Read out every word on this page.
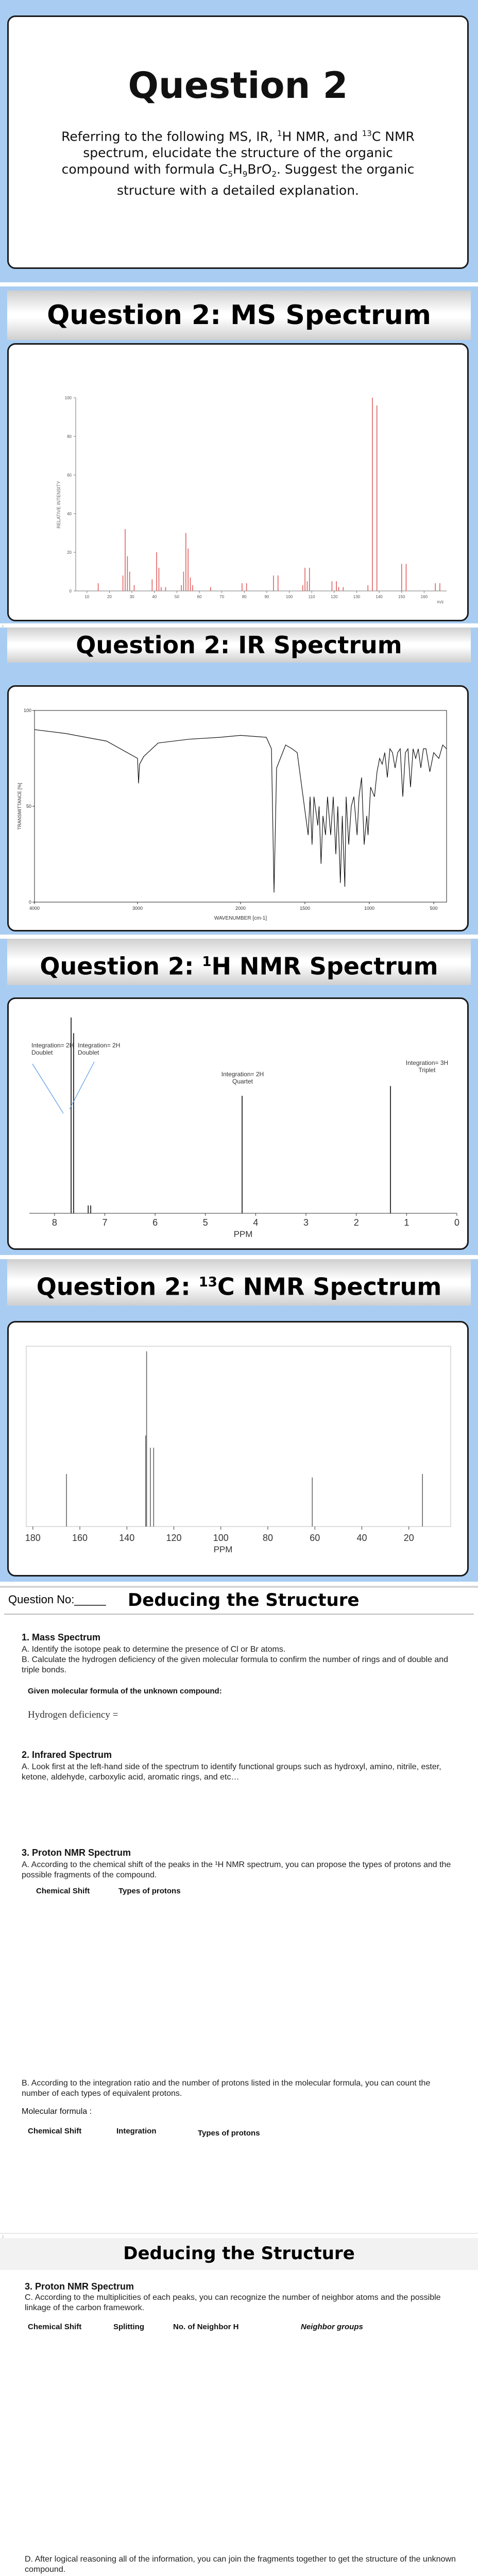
Question 2
Referring to the following MS, IR, $^1$H NMR, and $^{13}$C NMR spectrum, elucidate the structure of the organic compound with formula $C_5H_9BrO_2$. Suggest the organic structure with a detailed explanation.
Question 2: MS Spectrum
100
80
60
40
20
0
10	20	30	40	50	60	70	80	90	100	110	120	130	140	150	160
m/z
RELATIVE INTENSITY
Question 2: IR Spectrum
100
50
0
4000	3000	2000	1500	1000	500
WAVENUMBER [cm-1]
TRANSMITTANCE [%]
Question 2: $^1$H NMR Spectrum
8	7	6	5	4	3	2	1	0
PPM
Integration= 2H
Doublet
Integration= 2H
Doublet
Integration= 2H
Quartet
Integration= 3H
Triplet
Question 2: $^{13}$C NMR Spectrum
180	160	140	120	100	80	60	40	20
PPM
Question No:_____ Deducing the Structure
1. Mass Spectrum
A. Identify the isotope peak to determine the presence of Cl or Br atoms.
B. Calculate the hydrogen deficiency of the given molecular formula to confirm the number of rings and of double and triple bonds.
Given molecular formula of the unknown compound:
Hydrogen deficiency =
2. Infrared Spectrum
A. Look first at the left-hand side of the spectrum to identify functional groups such as hydroxyl, amino, nitrile, ester, ketone, aldehyde, carboxylic acid, aromatic rings, and etc…
3. Proton NMR Spectrum
A. According to the chemical shift of the peaks in the ¹H NMR spectrum, you can propose the types of protons and the possible fragments of the compound.
Chemical Shift	Types of protons
B. According to the integration ratio and the number of protons listed in the molecular formula, you can count the number of each types of equivalent protons.
Molecular formula :
Chemical Shift	Integration	Types of protons
Deducing the Structure
3. Proton NMR Spectrum
C. According to the multiplicities of each peaks, you can recognize the number of neighbor atoms and the possible linkage of the carbon framework.
Chemical Shift	Splitting	No. of Neighbor H	Neighbor groups
D. After logical reasoning all of the information, you can join the fragments together to get the structure of the unknown compound.
